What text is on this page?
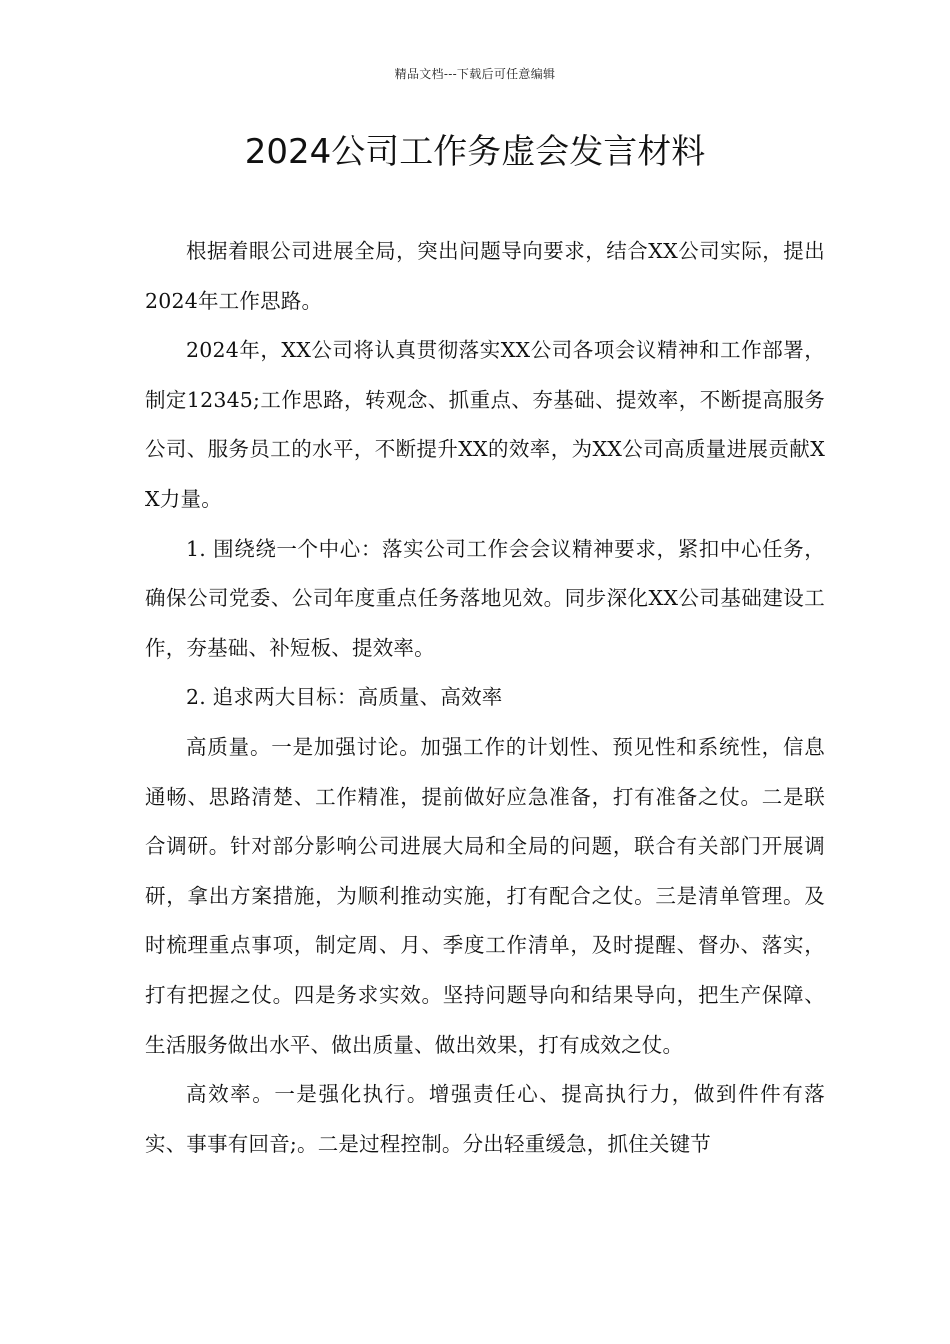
精品文档---下载后可任意编辑
2024公司工作务虚会发言材料

根据着眼公司进展全局，突出问题导向要求，结合XX公司实际，提出2024年工作思路。

2024年，XX公司将认真贯彻落实XX公司各项会议精神和工作部署，制定12345;工作思路，转观念、抓重点、夯基础、提效率，不断提高服务公司、服务员工的水平，不断提升XX的效率，为XX公司高质量进展贡献XX力量。

1. 围绕绕一个中心：落实公司工作会会议精神要求，紧扣中心任务，确保公司党委、公司年度重点任务落地见效。同步深化XX公司基础建设工作，夯基础、补短板、提效率。

2. 追求两大目标：高质量、高效率

高质量。一是加强讨论。加强工作的计划性、预见性和系统性，信息通畅、思路清楚、工作精准，提前做好应急准备，打有准备之仗。二是联合调研。针对部分影响公司进展大局和全局的问题，联合有关部门开展调研，拿出方案措施，为顺利推动实施，打有配合之仗。三是清单管理。及时梳理重点事项，制定周、月、季度工作清单，及时提醒、督办、落实，打有把握之仗。四是务求实效。坚持问题导向和结果导向，把生产保障、生活服务做出水平、做出质量、做出效果，打有成效之仗。

高效率。一是强化执行。增强责任心、提高执行力，做到件件有落实、事事有回音;。二是过程控制。分出轻重缓急，抓住关键节
